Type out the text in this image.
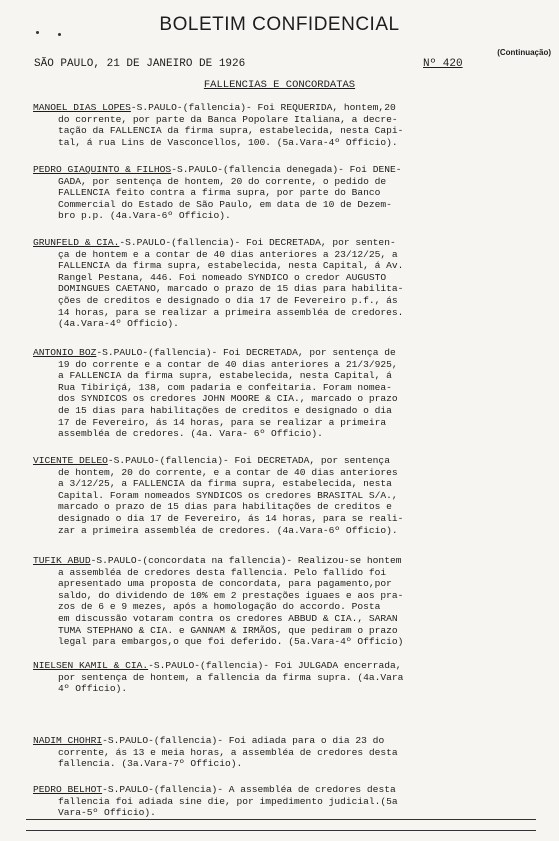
BOLETIM CONFIDENCIAL
(Continuação)
SÃO PAULO, 21 DE JANEIRO DE 1926	Nº 420
FALLENCIAS E CONCORDATAS
MANOEL DIAS LOPES-S.PAULO-(fallencia)- Foi REQUERIDA, hontem,20
do corrente, por parte da Banca Popolare Italiana, a decre-
tação da FALLENCIA da firma supra, estabelecida, nesta Capi-
tal, á rua Lins de Vasconcellos, 100. (5a.Vara-4º Officio).
PEDRO GIAQUINTO & FILHOS-S.PAULO-(fallencia denegada)- Foi DENE-
GADA, por sentença de hontem, 20 do corrente, o pedido de
FALLENCIA feito contra a firma supra, por parte do Banco
Commercial do Estado de São Paulo, em data de 10 de Dezem-
bro p.p. (4a.Vara-6º Officio).
GRUNFELD & CIA.-S.PAULO-(fallencia)- Foi DECRETADA, por senten-
ça de hontem e a contar de 40 dias anteriores a 23/12/25, a
FALLENCIA da firma supra, estabelecida, nesta Capital, á Av.
Rangel Pestana, 446. Foi nomeado SYNDICO o credor AUGUSTO
DOMINGUES CAETANO, marcado o prazo de 15 dias para habilita-
ções de creditos e designado o dia 17 de Fevereiro p.f., ás
14 horas, para se realizar a primeira assembléa de credores.
(4a.Vara-4º Officio).
ANTONIO BOZ-S.PAULO-(fallencia)- Foi DECRETADA, por sentença de
19 do corrente e a contar de 40 dias anteriores a 21/3/925,
a FALLENCIA da firma supra, estabelecida, nesta Capital, á
Rua Tibiriçá, 138, com padaria e confeitaria. Foram nomea-
dos SYNDICOS os credores JOHN MOORE & CIA., marcado o prazo
de 15 dias para habilitações de creditos e designado o dia
17 de Fevereiro, ás 14 horas, para se realizar a primeira
assembléa de credores. (4a. Vara- 6º Officio).
VICENTE DELEO-S.PAULO-(fallencia)- Foi DECRETADA, por sentença
de hontem, 20 do corrente, e a contar de 40 dias anteriores
a 3/12/25, a FALLENCIA da firma supra, estabelecida, nesta
Capital. Foram nomeados SYNDICOS os credores BRASITAL S/A.,
marcado o prazo de 15 dias para habilitações de creditos e
designado o dia 17 de Fevereiro, ás 14 horas, para se reali-
zar a primeira assembléa de credores. (4a.Vara-6º Officio).
TUFIK ABUD-S.PAULO-(concordata na fallencia)- Realizou-se hontem
a assembléa de credores desta fallencia. Pelo fallido foi
apresentado uma proposta de concordata, para pagamento,por
saldo, do dividendo de 10% em 2 prestações iguaes e aos pra-
zos de 6 e 9 mezes, após a homologação do accordo. Posta
em discussão votaram contra os credores ABBUD & CIA., SARAN
TUMA STEPHANO & CIA. e GANNAM & IRMÃOS, que pediram o prazo
legal para embargos,o que foi deferido. (5a.Vara-4º Officio)
NIELSEN KAMIL & CIA.-S.PAULO-(fallencia)- Foi JULGADA encerrada,
por sentença de hontem, a fallencia da firma supra. (4a.Vara
4º Officio).
NADIM CHOHRI-S.PAULO-(fallencia)- Foi adiada para o dia 23 do
corrente, ás 13 e meia horas, a assembléa de credores desta
fallencia. (3a.Vara-7º Officio).
PEDRO BELHOT-S.PAULO-(fallencia)- A assembléa de credores desta
fallencia foi adiada sine die, por impedimento judicial.(5a
Vara-5º Officio).
